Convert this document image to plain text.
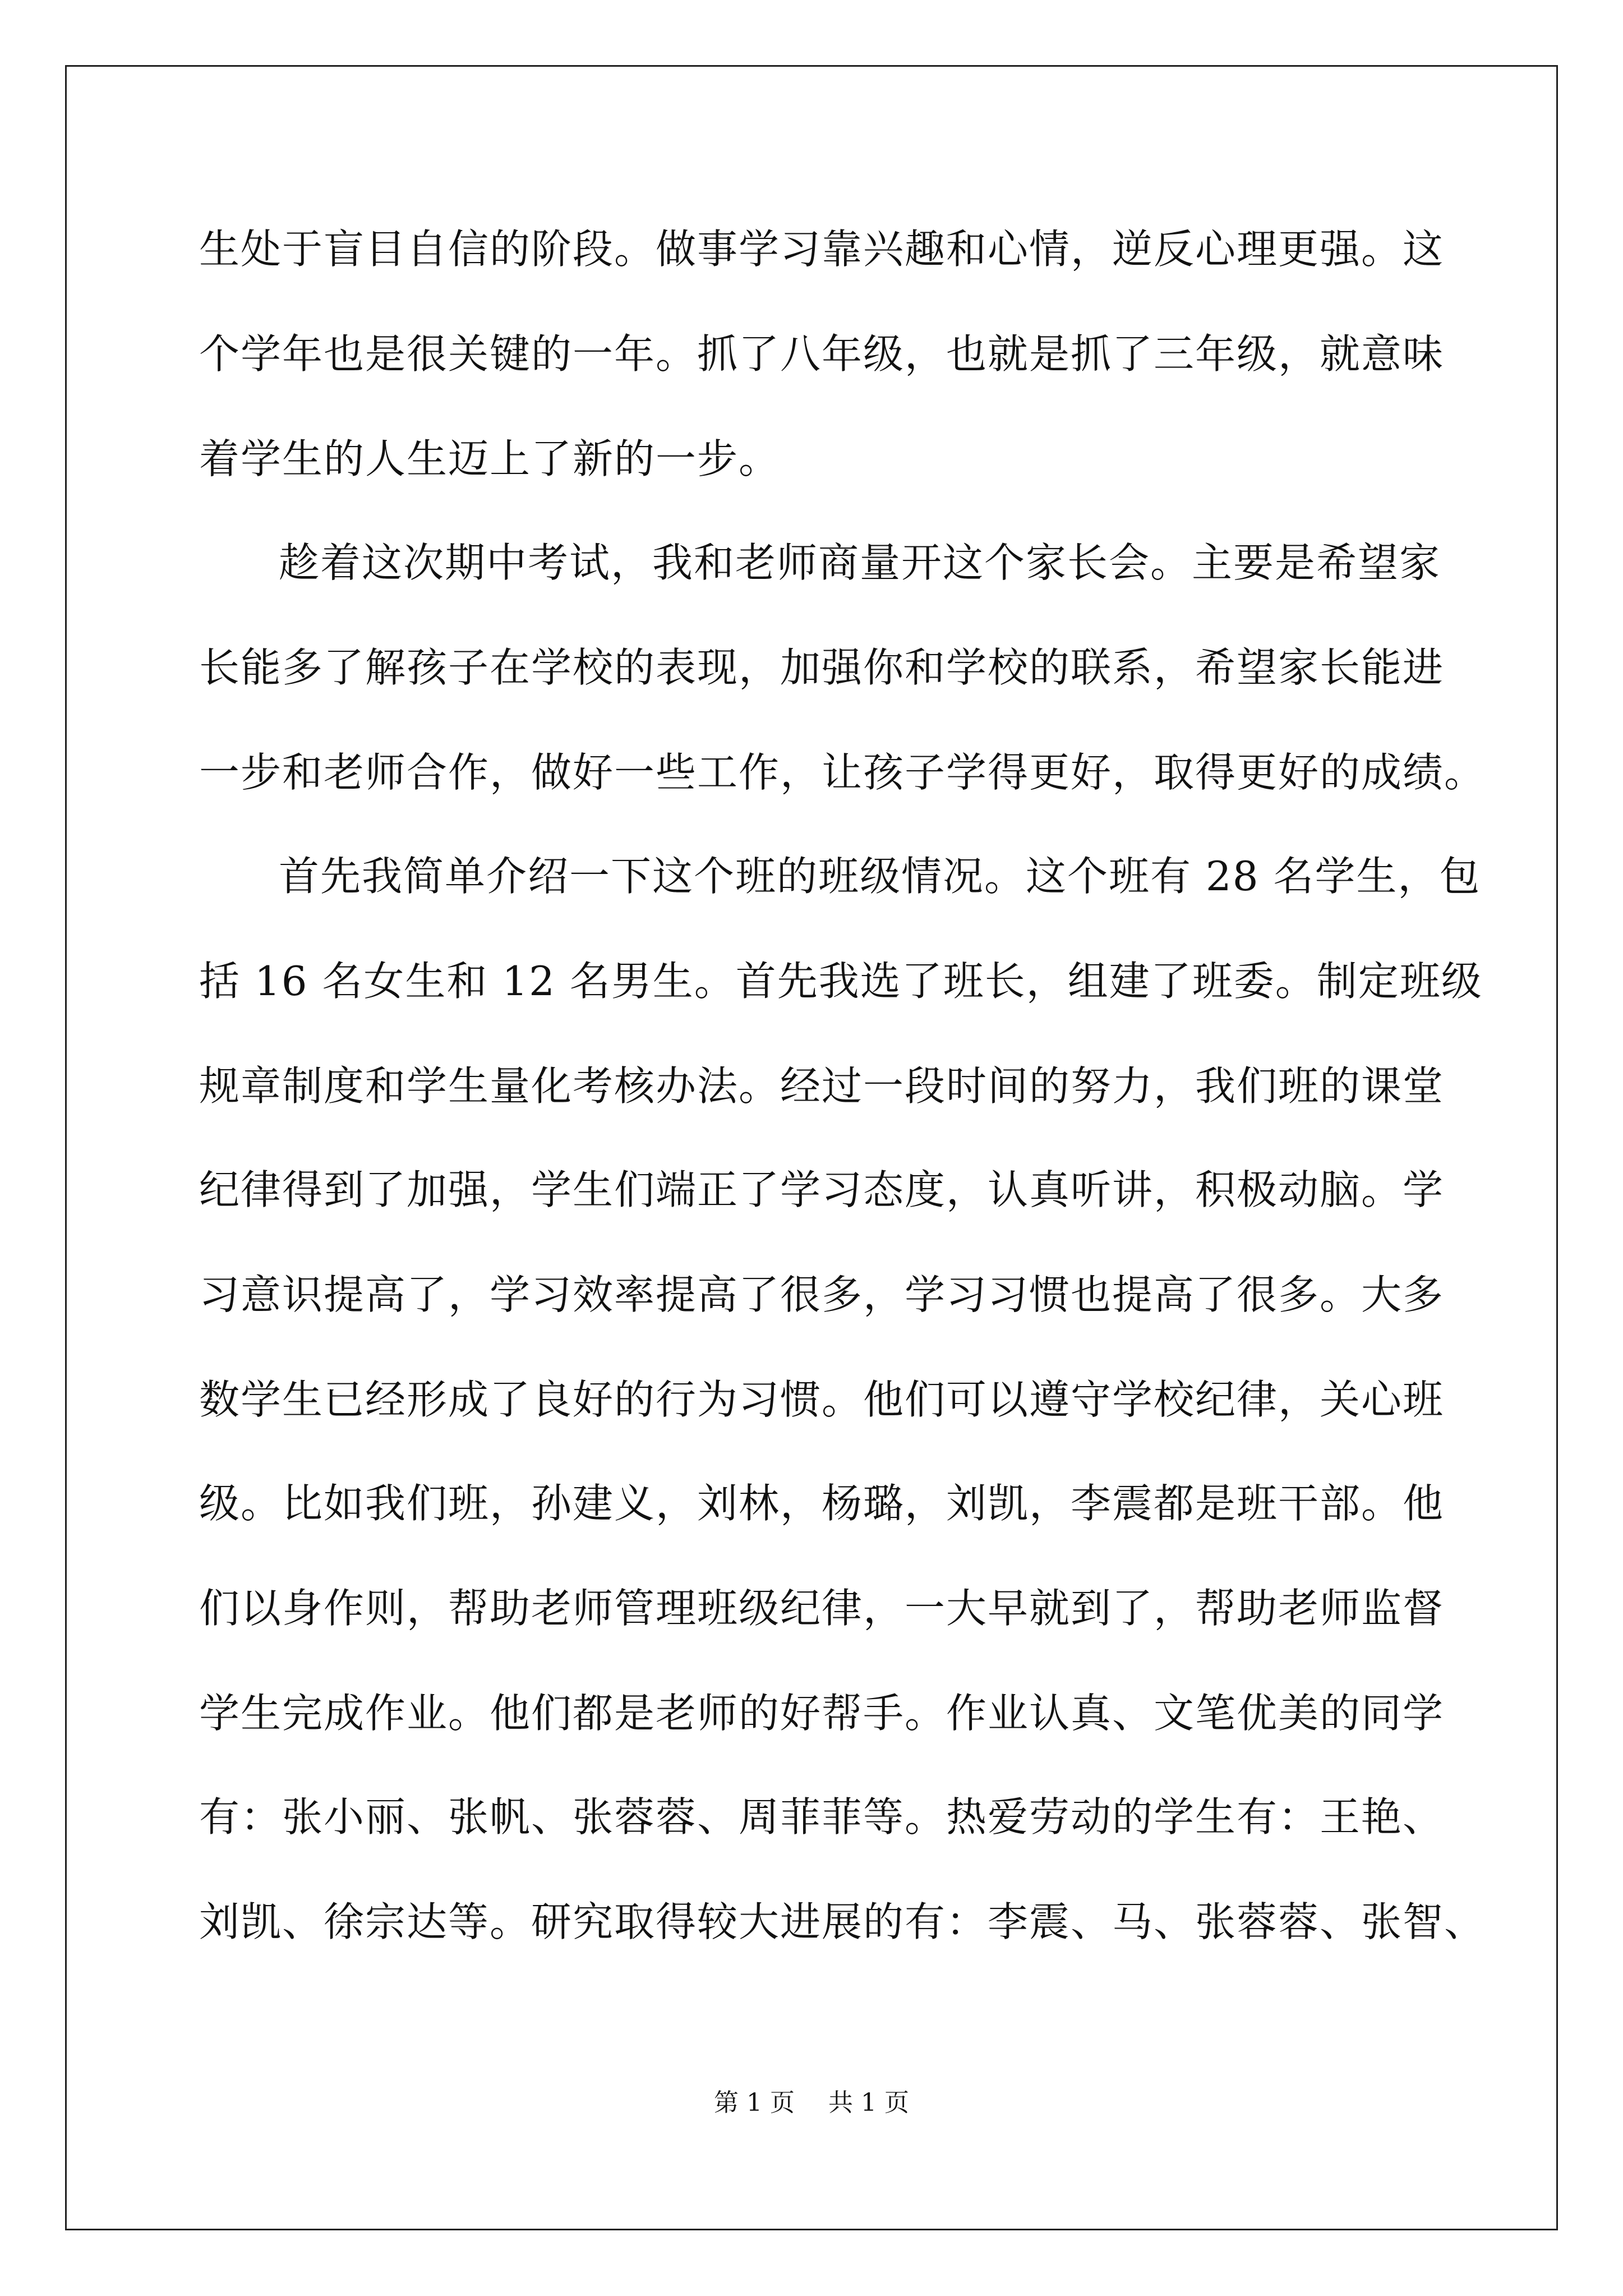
生处于盲目自信的阶段。做事学习靠兴趣和心情，逆反心理更强。这
个学年也是很关键的一年。抓了八年级，也就是抓了三年级，就意味
着学生的人生迈上了新的一步。
趁着这次期中考试，我和老师商量开这个家长会。主要是希望家
长能多了解孩子在学校的表现，加强你和学校的联系，希望家长能进
一步和老师合作，做好一些工作，让孩子学得更好，取得更好的成绩。
首先我简单介绍一下这个班的班级情况。这个班有 28 名学生，包
括 16 名女生和 12 名男生。首先我选了班长，组建了班委。制定班级
规章制度和学生量化考核办法。经过一段时间的努力，我们班的课堂
纪律得到了加强，学生们端正了学习态度，认真听讲，积极动脑。学
习意识提高了，学习效率提高了很多，学习习惯也提高了很多。大多
数学生已经形成了良好的行为习惯。他们可以遵守学校纪律，关心班
级。比如我们班，孙建义，刘林，杨璐，刘凯，李震都是班干部。他
们以身作则，帮助老师管理班级纪律，一大早就到了，帮助老师监督
学生完成作业。他们都是老师的好帮手。作业认真、文笔优美的同学
有：张小丽、张帆、张蓉蓉、周菲菲等。热爱劳动的学生有：王艳、
刘凯、徐宗达等。研究取得较大进展的有：李震、马、张蓉蓉、张智、
第 1 页 共 1 页
